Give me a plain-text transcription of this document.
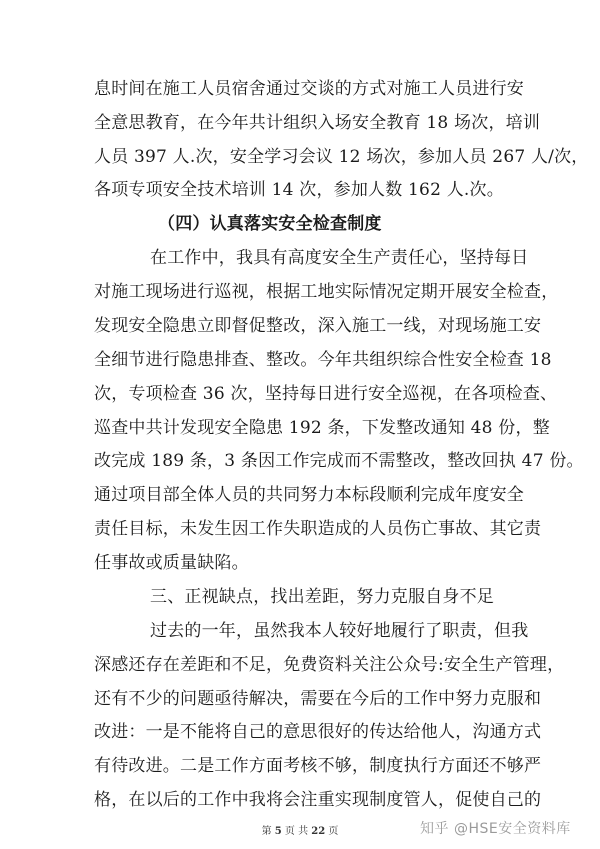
息时间在施工人员宿舍通过交谈的方式对施工人员进行安
全意思教育，在今年共计组织入场安全教育 18 场次，培训
人员 397 人.次，安全学习会议 12 场次，参加人员 267 人/次，
各项专项安全技术培训 14 次，参加人数 162 人.次。
（四）认真落实安全检查制度
在工作中，我具有高度安全生产责任心，坚持每日
对施工现场进行巡视，根据工地实际情况定期开展安全检查，
发现安全隐患立即督促整改，深入施工一线，对现场施工安
全细节进行隐患排查、整改。今年共组织综合性安全检查 18
次，专项检查 36 次，坚持每日进行安全巡视，在各项检查、
巡查中共计发现安全隐患 192 条，下发整改通知 48 份，整
改完成 189 条，3 条因工作完成而不需整改，整改回执 47 份。
通过项目部全体人员的共同努力本标段顺利完成年度安全
责任目标，未发生因工作失职造成的人员伤亡事故、其它责
任事故或质量缺陷。
三、正视缺点，找出差距，努力克服自身不足
过去的一年，虽然我本人较好地履行了职责，但我
深感还存在差距和不足，免费资料关注公众号:安全生产管理，
还有不少的问题亟待解决，需要在今后的工作中努力克服和
改进：一是不能将自己的意思很好的传达给他人，沟通方式
有待改进。二是工作方面考核不够，制度执行方面还不够严
格，在以后的工作中我将会注重实现制度管人，促使自己的
第 5 页 共 22 页	知乎 @HSE安全资料库
